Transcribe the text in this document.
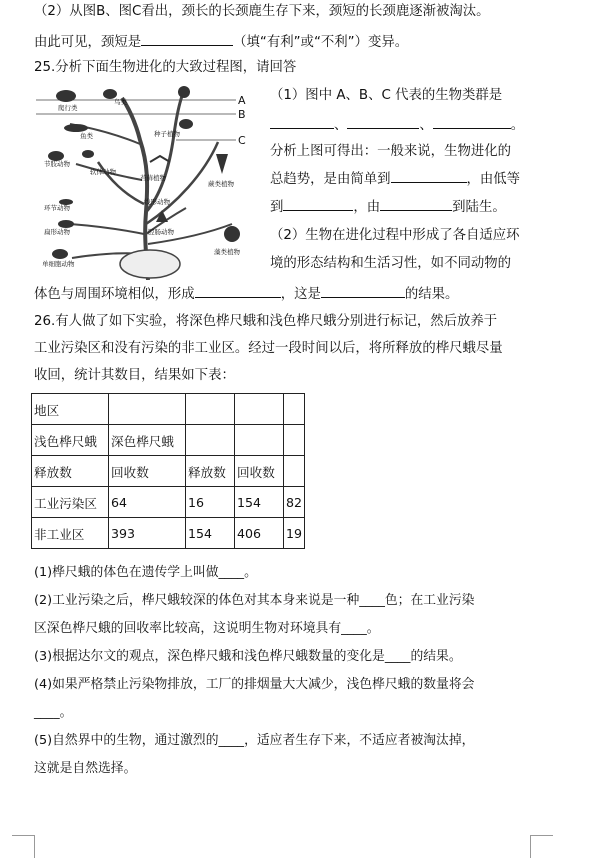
（2）从图B、图C看出，颈长的长颈鹿生存下来，颈短的长颈鹿逐渐被淘汰。
由此可见，颈短是	（填“有利”或“不利”）变异。
25.分析下面生物进化的大致过程图，请回答
A
B
C
爬行类
鸟类
鱼类
节肢动物
软体动物
环节动物
扁形动物
单细胞动物
种子植物
蕨类植物
苔藓植物
线形动物
腔肠动物
藻类植物
（1）图中 A、B、C 代表的生物类群是
、	、	。
分析上图可得出：一般来说，生物进化的
总趋势，是由简单到	，由低等
到	，由	到陆生。
（2）生物在进化过程中形成了各自适应环
境的形态结构和生活习性，如不同动物的
体色与周围环境相似，形成	，这是	的结果。
26.有人做了如下实验，将深色桦尺蛾和浅色桦尺蛾分别进行标记，然后放养于
工业污染区和没有污染的非工业区。经过一段时间以后，将所释放的桦尺蛾尽量
收回，统计其数目，结果如下表：
地区				
浅色桦尺蛾	深色桦尺蛾			
释放数	回收数	释放数	回收数	
工业污染区	64	16	154	82
非工业区	393	154	406	19
(1)桦尺蛾的体色在遗传学上叫做____。
(2)工业污染之后，桦尺蛾较深的体色对其本身来说是一种____色；在工业污染
区深色桦尺蛾的回收率比较高，这说明生物对环境具有____。
(3)根据达尔文的观点，深色桦尺蛾和浅色桦尺蛾数量的变化是____的结果。
(4)如果严格禁止污染物排放，工厂的排烟量大大减少，浅色桦尺蛾的数量将会
____。
(5)自然界中的生物，通过激烈的____，适应者生存下来，不适应者被淘汰掉，
这就是自然选择。
